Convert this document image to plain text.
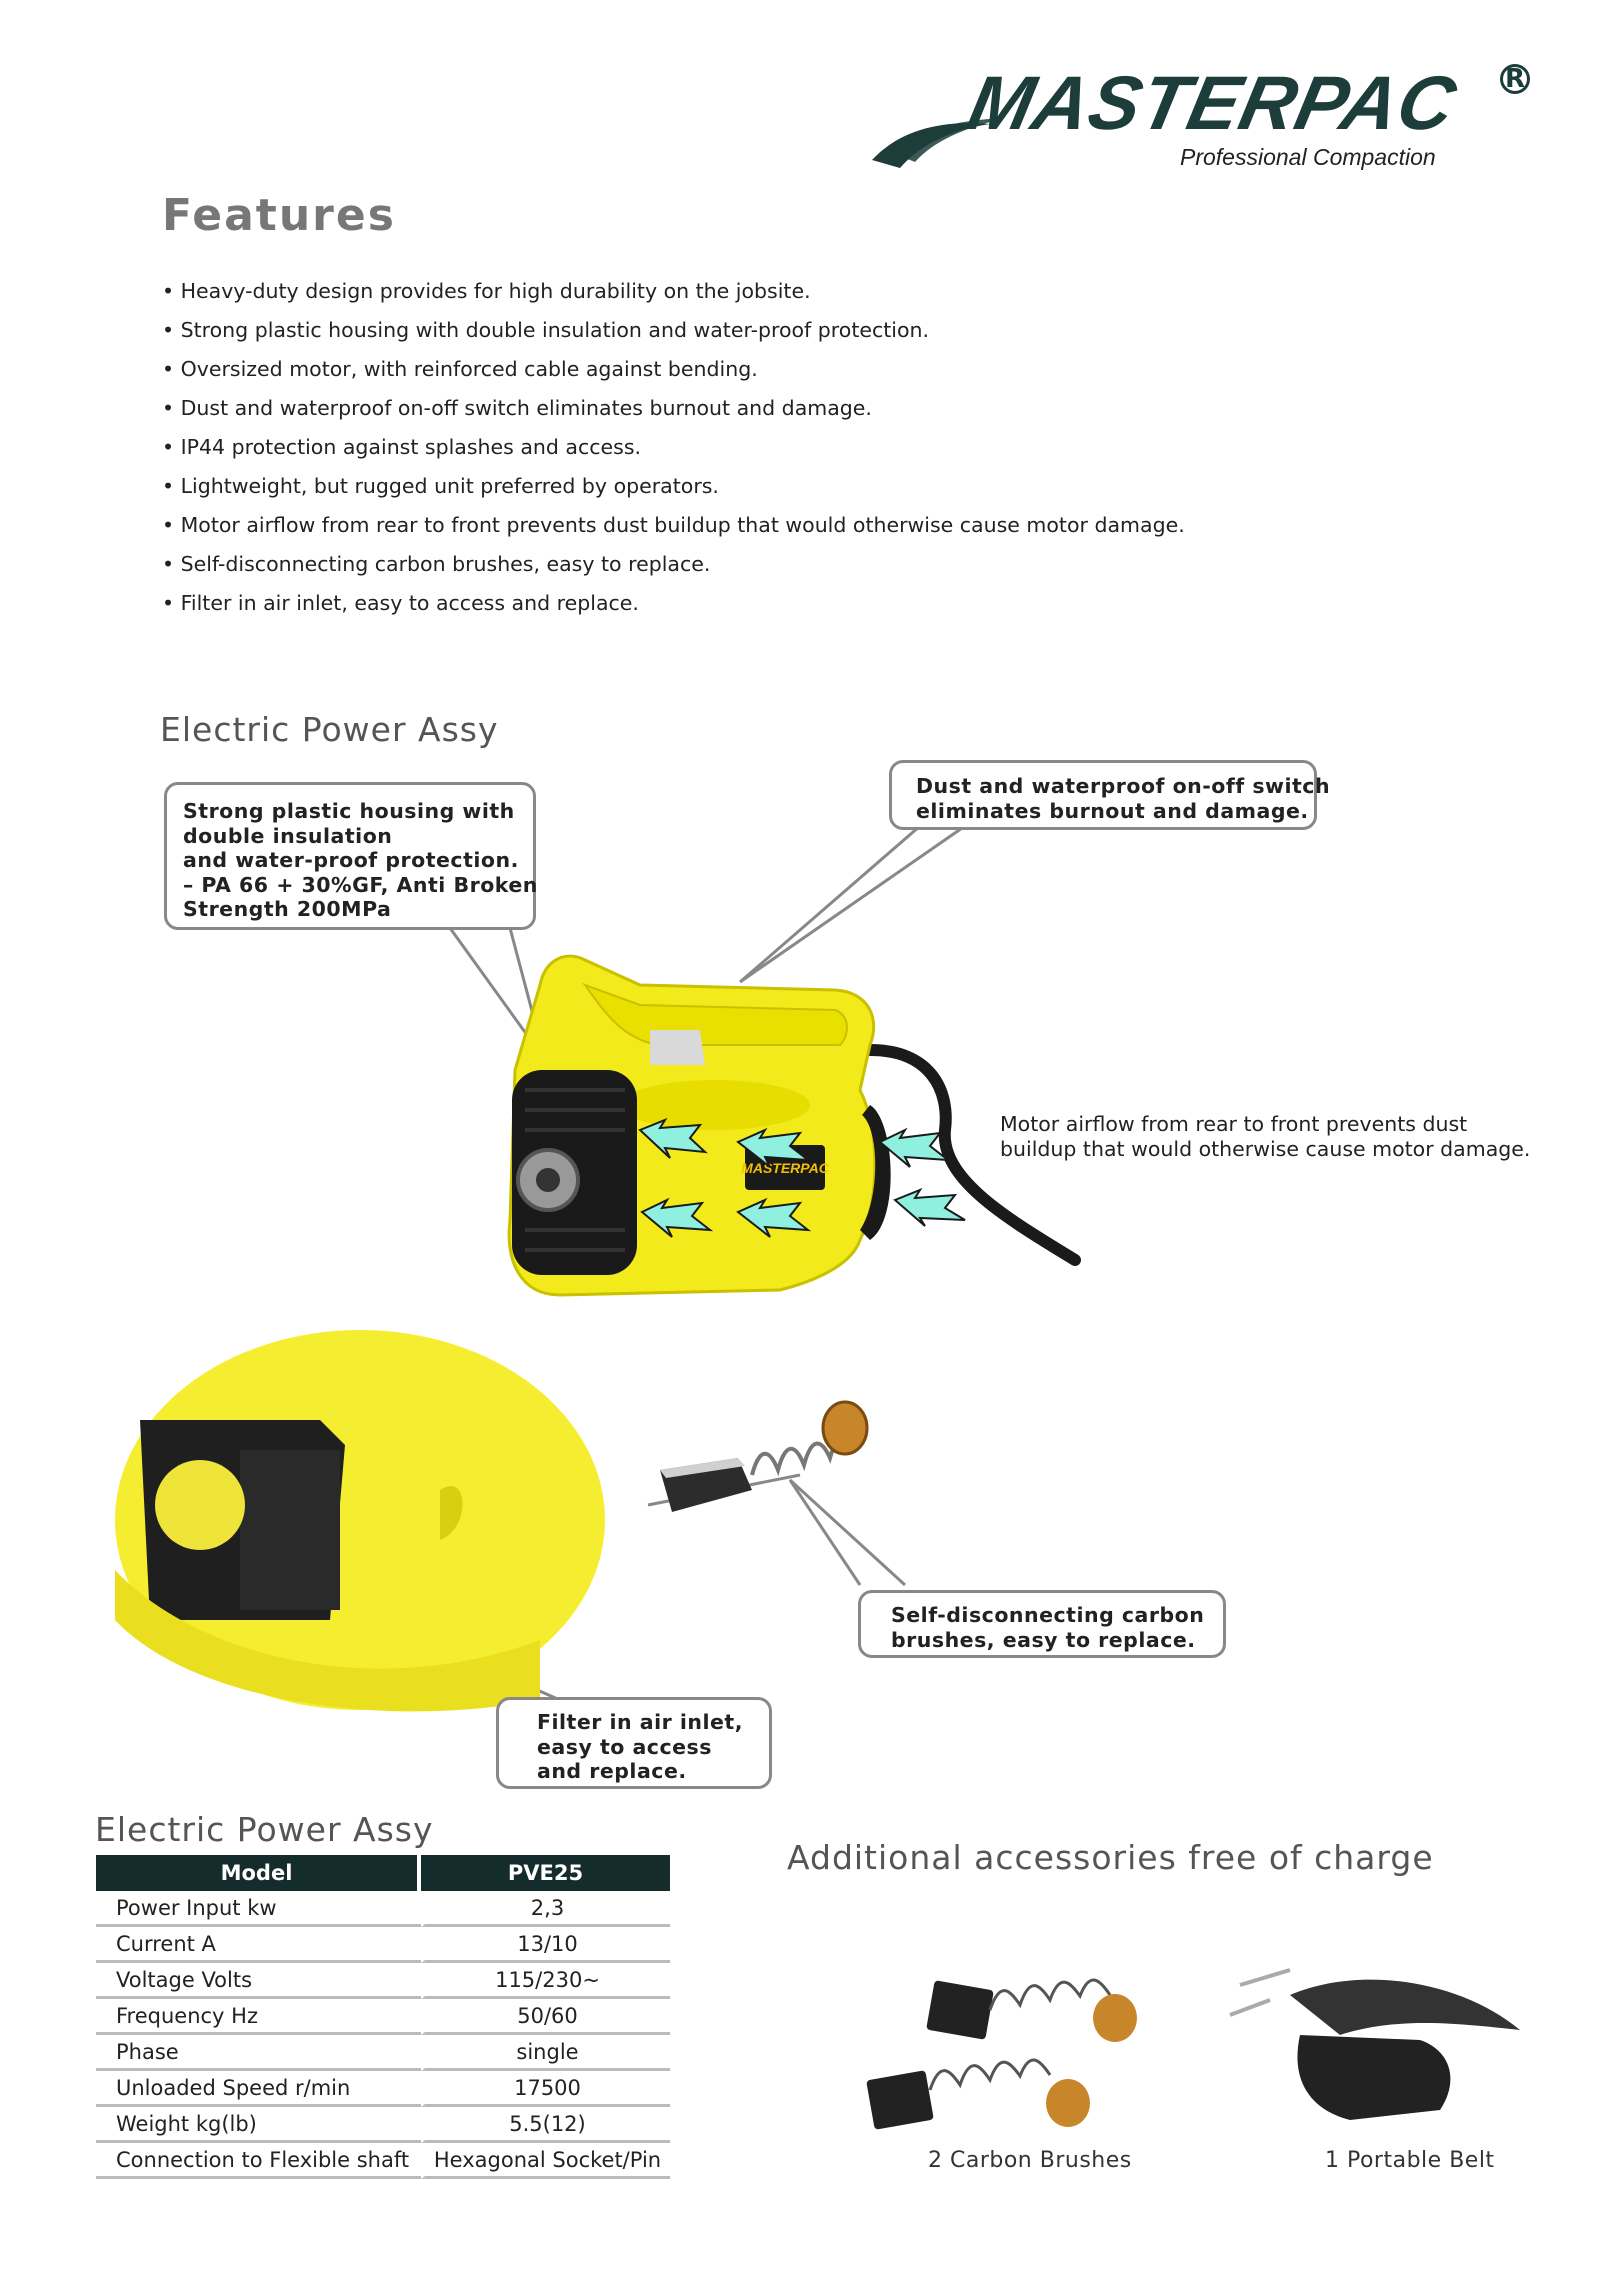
MASTERPAC R
Professional Compaction
Features
• Heavy-duty design provides for high durability on the jobsite.
• Strong plastic housing with double insulation and water-proof protection.
• Oversized motor, with reinforced cable against bending.
• Dust and waterproof on-off switch eliminates burnout and damage.
• IP44 protection against splashes and access.
• Lightweight, but rugged unit preferred by operators.
• Motor airflow from rear to front prevents dust buildup that would otherwise cause motor damage.
• Self-disconnecting carbon brushes, easy to replace.
• Filter in air inlet, easy to access and replace.
Electric Power Assy
MASTERPAC
Strong plastic housing with
double insulation
and water-proof protection.
– PA 66 + 30%GF, Anti Broken
Strength 200MPa
Dust and waterproof on-off switch
eliminates burnout and damage.
Motor airflow from rear to front prevents dust
buildup that would otherwise cause motor damage.
Self-disconnecting carbon
brushes, easy to replace.
Filter in air inlet,
easy to access
and replace.
Electric Power Assy
Model	PVE25
Power Input kw	2,3
Current A	13/10
Voltage Volts	115/230~
Frequency Hz	50/60
Phase	single
Unloaded Speed r/min	17500
Weight kg(lb)	5.5(12)
Connection to Flexible shaft	Hexagonal Socket/Pin
Additional accessories free of charge
2 Carbon Brushes	1 Portable Belt
